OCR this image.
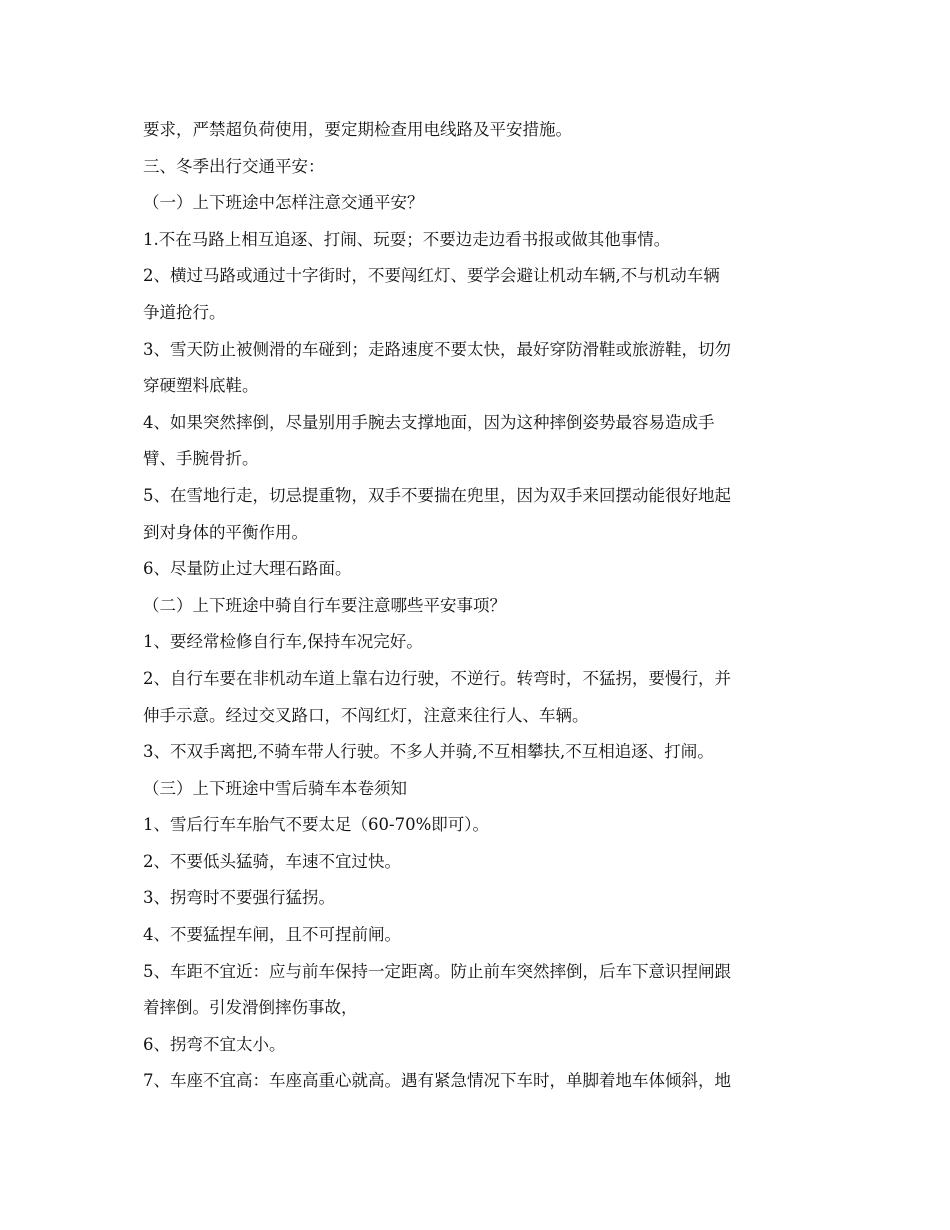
要求，严禁超负荷使用，要定期检查用电线路及平安措施。
三、冬季出行交通平安：
（一）上下班途中怎样注意交通平安？
1.不在马路上相互追逐、打闹、玩耍；不要边走边看书报或做其他事情。
2、横过马路或通过十字街时，不要闯红灯、要学会避让机动车辆,不与机动车辆
争道抢行。
3、雪天防止被侧滑的车碰到；走路速度不要太快，最好穿防滑鞋或旅游鞋，切勿
穿硬塑料底鞋。
4、如果突然摔倒，尽量别用手腕去支撑地面，因为这种摔倒姿势最容易造成手
臂、手腕骨折。
5、在雪地行走，切忌提重物，双手不要揣在兜里，因为双手来回摆动能很好地起
到对身体的平衡作用。
6、尽量防止过大理石路面。
（二）上下班途中骑自行车要注意哪些平安事项？
1、要经常检修自行车,保持车况完好。
2、自行车要在非机动车道上靠右边行驶，不逆行。转弯时，不猛拐，要慢行，并
伸手示意。经过交叉路口，不闯红灯，注意来往行人、车辆。
3、不双手离把,不骑车带人行驶。不多人并骑,不互相攀扶,不互相追逐、打闹。
（三）上下班途中雪后骑车本卷须知
1、雪后行车车胎气不要太足（60-70%即可）。
2、不要低头猛骑，车速不宜过快。
3、拐弯时不要强行猛拐。
4、不要猛捏车闸，且不可捏前闸。
5、车距不宜近：应与前车保持一定距离。防止前车突然摔倒，后车下意识捏闸跟
着摔倒。引发滑倒摔伤事故，
6、拐弯不宜太小。
7、车座不宜高：车座高重心就高。遇有紧急情况下车时，单脚着地车体倾斜，地
